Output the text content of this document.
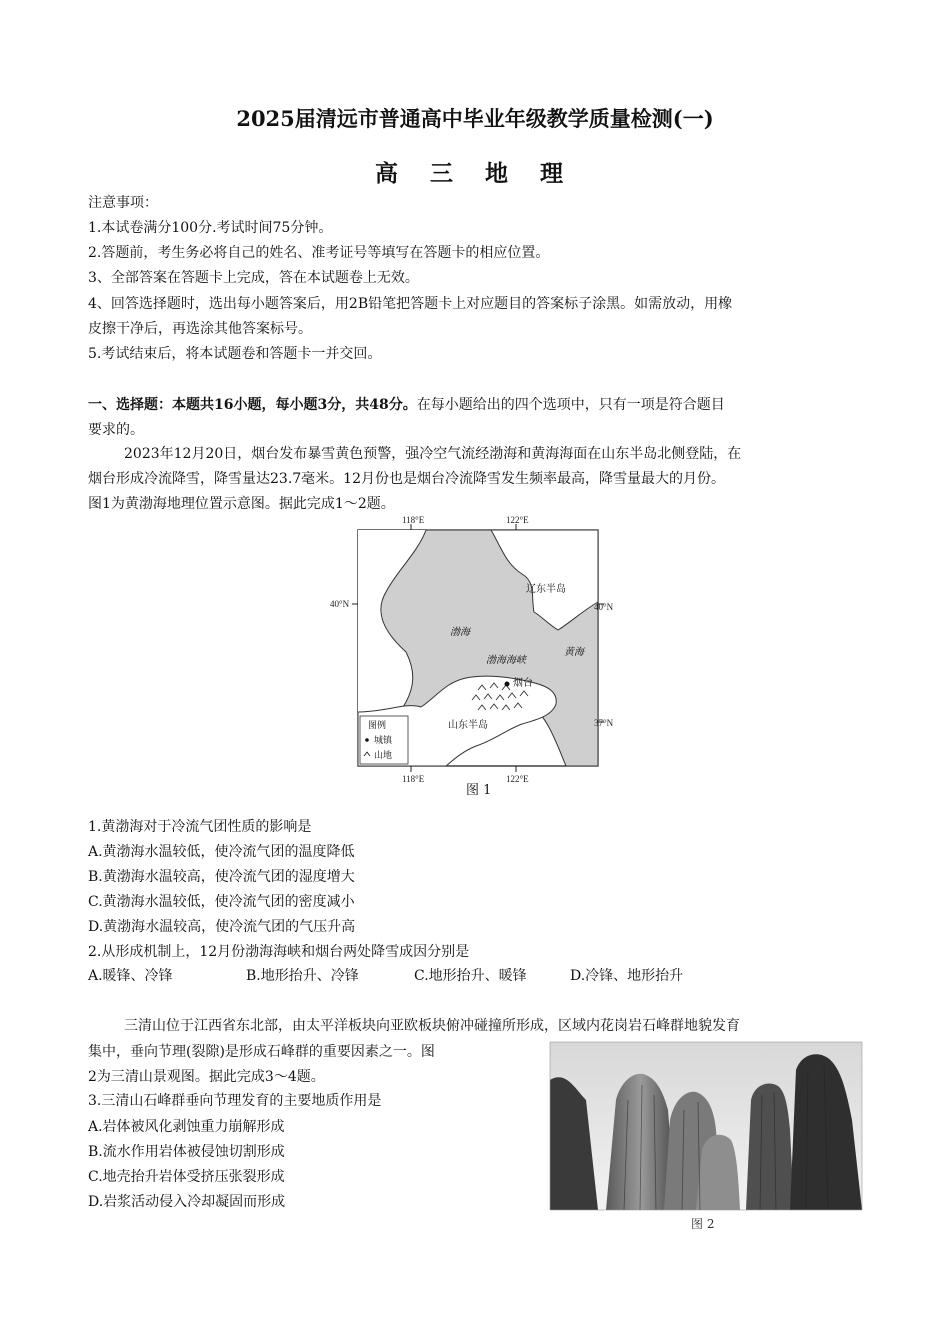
2025届清远市普通高中毕业年级教学质量检测(一)
高 三 地 理
注意事项：
1.本试卷满分100分.考试时间75分钟。
2.答题前，考生务必将自己的姓名、准考证号等填写在答题卡的相应位置。
3、全部答案在答题卡上完成，答在本试题卷上无效。
4、回答选择题时，选出每小题答案后，用2B铅笔把答题卡上对应题目的答案标子涂黑。如需放动，用橡
皮擦干净后，再选涂其他答案标号。
5.考试结束后，将本试题卷和答题卡一并交回。
一、选择题：本题共16小题，每小题3分，共48分。在每小题给出的四个选项中，只有一项是符合题目
要求的。
2023年12月20日，烟台发布暴雪黄色预警，强冷空气流经渤海和黄海海面在山东半岛北侧登陆，在
烟台形成冷流降雪，降雪量达23.7毫米。12月份也是烟台冷流降雪发生频率最高，降雪量最大的月份。
图1为黄渤海地理位置示意图。据此完成1～2题。
118°E	122°E
118°E	122°E
40°N	40°N
37°N
辽东半岛
渤海
渤海海峡
黄海
烟台
山东半岛
图例
城镇
山地
图 1
1.黄渤海对于冷流气团性质的影响是
A.黄渤海水温较低，使冷流气团的温度降低
B.黄渤海水温较高，使冷流气团的湿度增大
C.黄渤海水温较低，使冷流气团的密度减小
D.黄渤海水温较高，使冷流气团的气压升高
2.从形成机制上，12月份渤海海峡和烟台两处降雪成因分别是
A.暖锋、冷锋	B.地形抬升、冷锋	C.地形抬升、暖锋	D.冷锋、地形抬升
三清山位于江西省东北部，由太平洋板块向亚欧板块俯冲碰撞所形成，区域内花岗岩石峰群地貌发育
集中，垂向节理(裂隙)是形成石峰群的重要因素之一。图
2为三清山景观图。据此完成3～4题。
3.三清山石峰群垂向节理发育的主要地质作用是
A.岩体被风化剥蚀重力崩解形成
B.流水作用岩体被侵蚀切割形成
C.地壳抬升岩体受挤压张裂形成
D.岩浆活动侵入冷却凝固而形成
图 2
